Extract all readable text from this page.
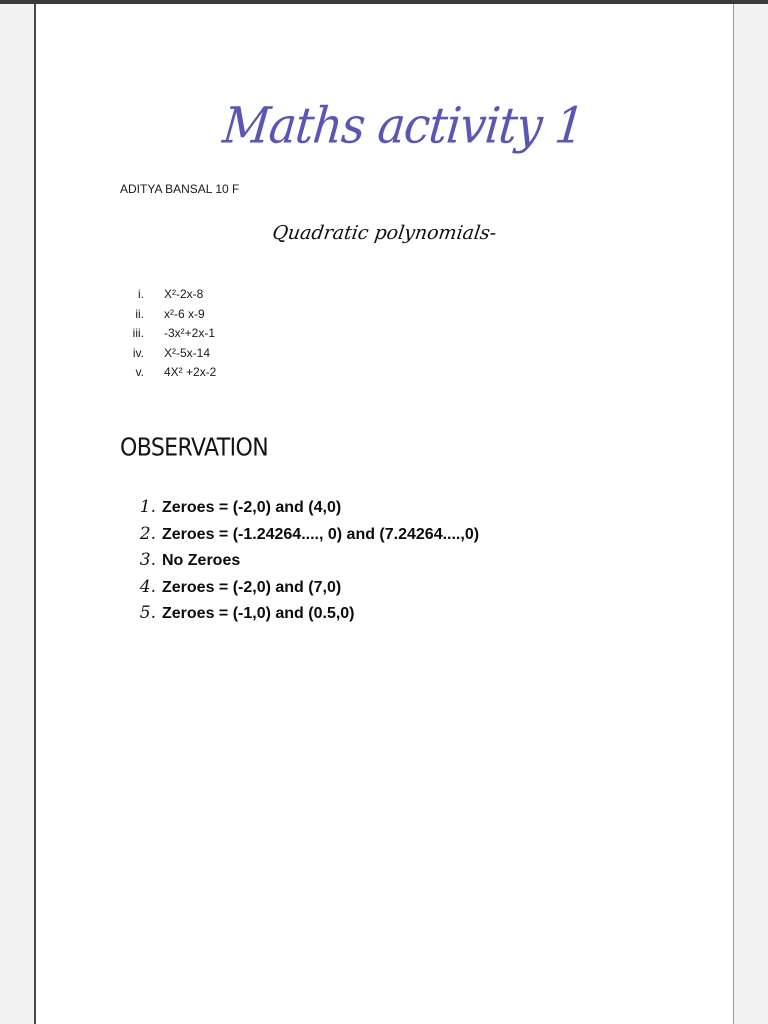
Maths activity 1
ADITYA BANSAL 10 F
Quadratic polynomials-
i. X²-2x-8
ii. x²-6 x-9
iii. -3x²+2x-1
iv. X²-5x-14
v. 4X² +2x-2
OBSERVATION
1. Zeroes = (-2,0) and (4,0)
2. Zeroes = (-1.24264...., 0) and (7.24264....,0)
3. No Zeroes
4. Zeroes = (-2,0) and (7,0)
5. Zeroes = (-1,0) and (0.5,0)
